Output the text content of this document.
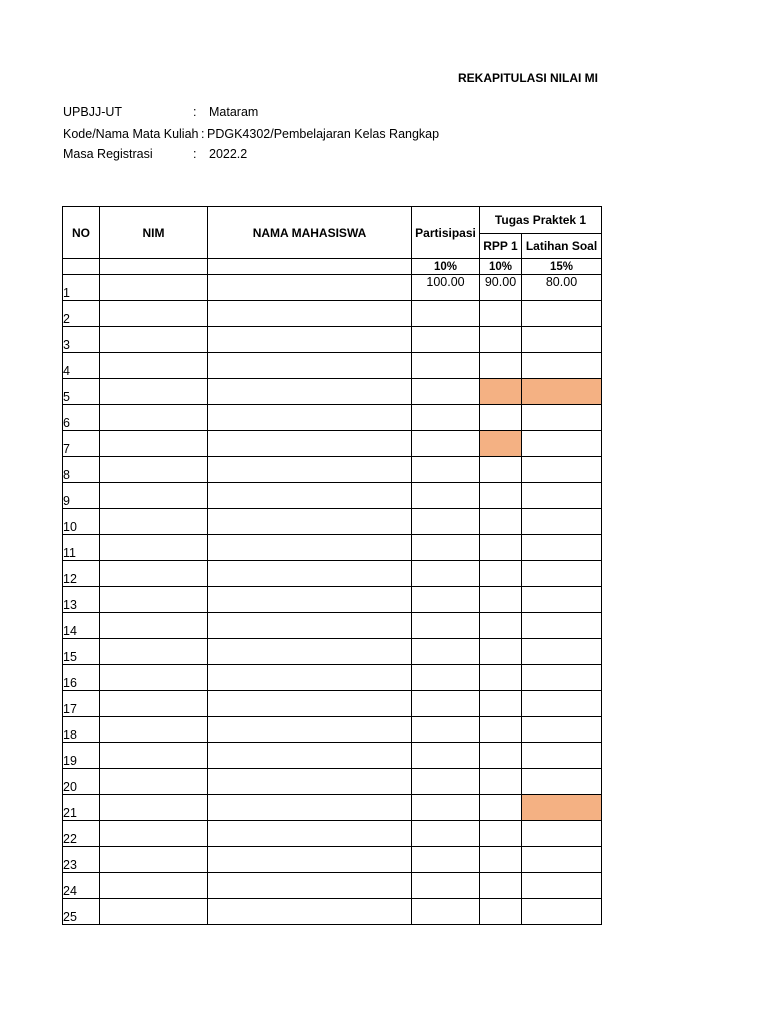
REKAPITULASI NILAI MI
UPBJJ-UT	: Mataram
Kode/Nama Mata Kuliah : PDGK4302/Pembelajaran Kelas Rangkap
Masa Registrasi	: 2022.2
NO	NIM	NAMA MAHASISWA	Partisipasi	Tugas Praktek 1	
				RPP 1	Latihan Soal
			10%	10%	15%
1			100.00	90.00	80.00
2					
3					
4					
5					
6					
7					
8					
9					
10					
11					
12					
13					
14					
15					
16					
17					
18					
19					
20					
21					
22					
23					
24					
25					
